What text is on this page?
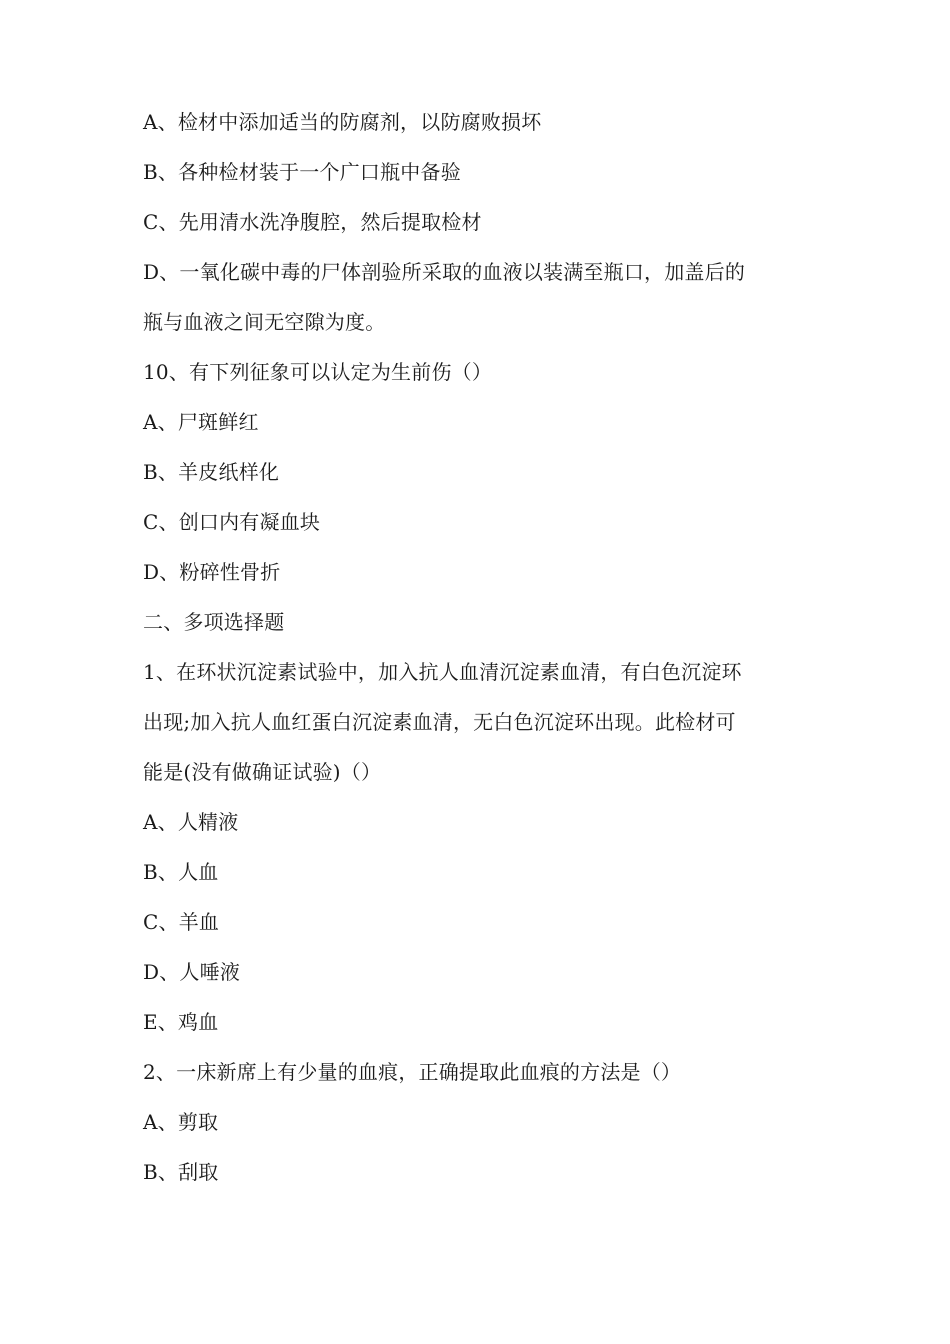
A、检材中添加适当的防腐剂，以防腐败损坏
B、各种检材装于一个广口瓶中备验
C、先用清水洗净腹腔，然后提取检材
D、一氧化碳中毒的尸体剖验所采取的血液以装满至瓶口，加盖后的
瓶与血液之间无空隙为度。
10、有下列征象可以认定为生前伤（）
A、尸斑鲜红
B、羊皮纸样化
C、创口内有凝血块
D、粉碎性骨折
二、多项选择题
1、在环状沉淀素试验中，加入抗人血清沉淀素血清，有白色沉淀环
出现;加入抗人血红蛋白沉淀素血清，无白色沉淀环出现。此检材可
能是(没有做确证试验)（）
A、人精液
B、人血
C、羊血
D、人唾液
E、鸡血
2、一床新席上有少量的血痕，正确提取此血痕的方法是（）
A、剪取
B、刮取
